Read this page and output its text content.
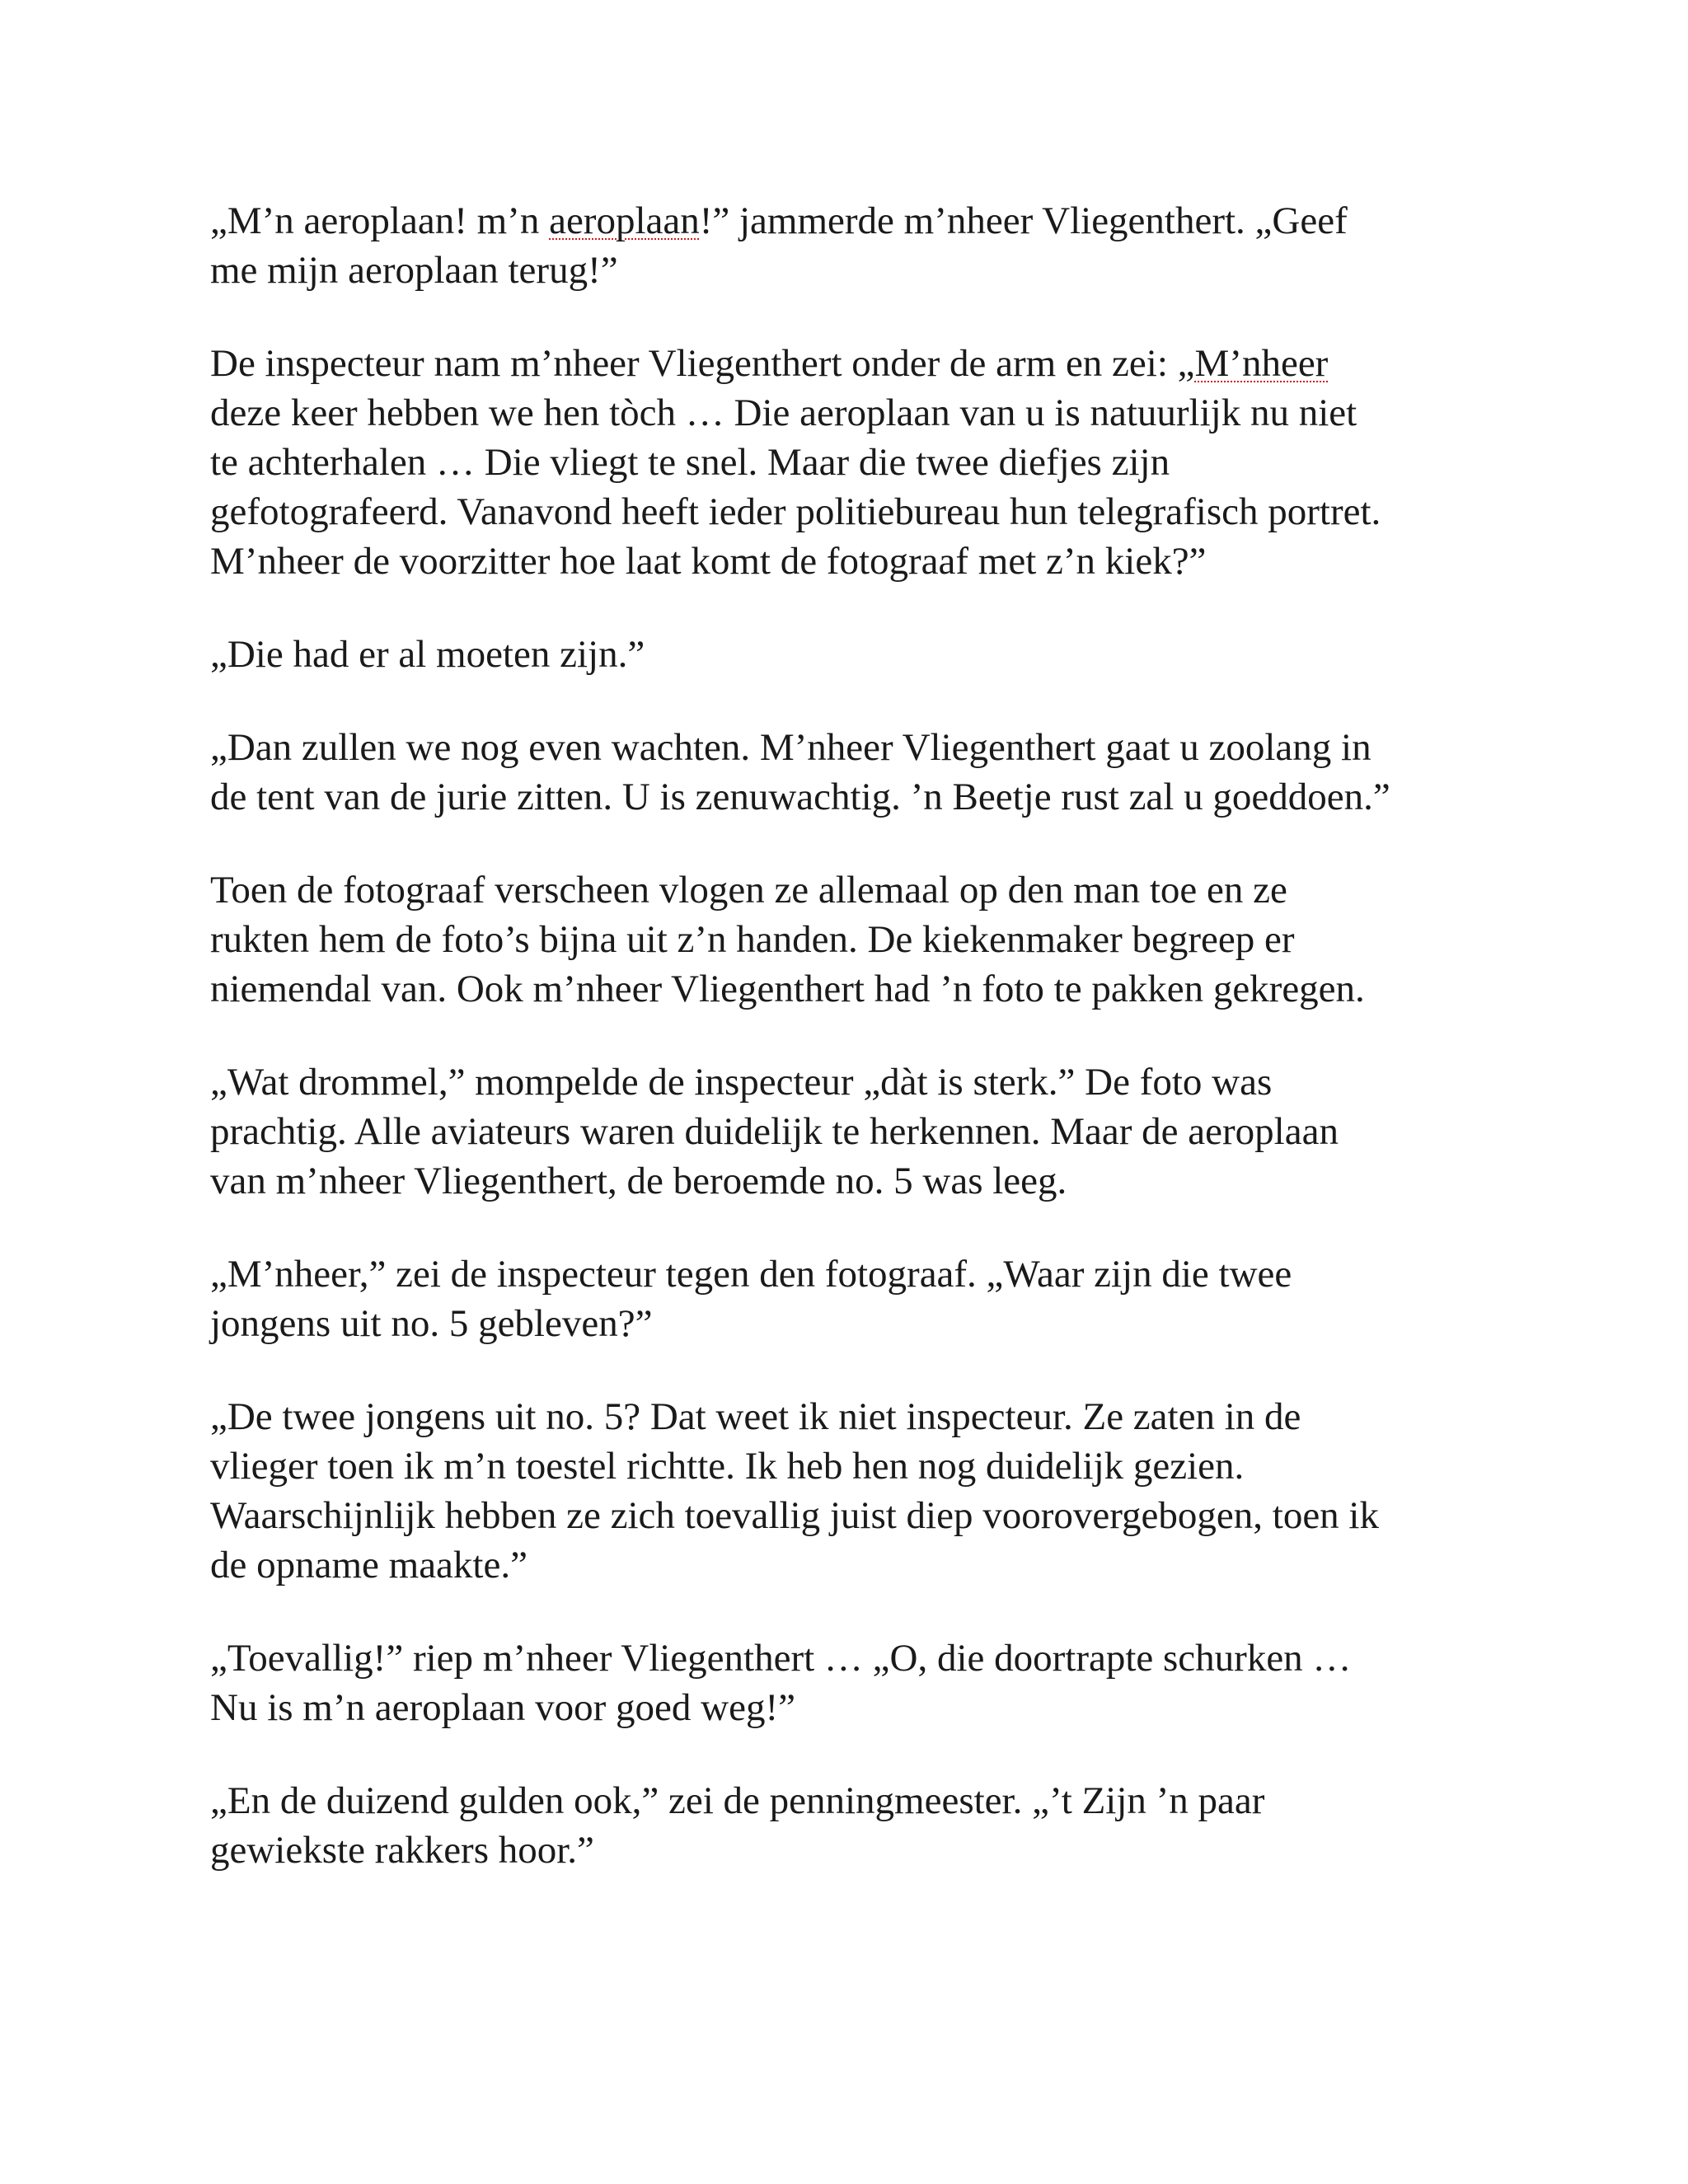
„M’n aeroplaan! m’n aeroplaan!” jammerde m’nheer Vliegenthert. „Geef
me mijn aeroplaan terug!”

De inspecteur nam m’nheer Vliegenthert onder de arm en zei: „M’nheer
deze keer hebben we hen tòch … Die aeroplaan van u is natuurlijk nu niet
te achterhalen … Die vliegt te snel. Maar die twee diefjes zijn
gefotografeerd. Vanavond heeft ieder politiebureau hun telegrafisch portret.
M’nheer de voorzitter hoe laat komt de fotograaf met z’n kiek?”

„Die had er al moeten zijn.”

„Dan zullen we nog even wachten. M’nheer Vliegenthert gaat u zoolang in
de tent van de jurie zitten. U is zenuwachtig. ’n Beetje rust zal u goeddoen.”

Toen de fotograaf verscheen vlogen ze allemaal op den man toe en ze
rukten hem de foto’s bijna uit z’n handen. De kiekenmaker begreep er
niemendal van. Ook m’nheer Vliegenthert had ’n foto te pakken gekregen.

„Wat drommel,” mompelde de inspecteur „dàt is sterk.” De foto was
prachtig. Alle aviateurs waren duidelijk te herkennen. Maar de aeroplaan
van m’nheer Vliegenthert, de beroemde no. 5 was leeg.

„M’nheer,” zei de inspecteur tegen den fotograaf. „Waar zijn die twee
jongens uit no. 5 gebleven?”

„De twee jongens uit no. 5? Dat weet ik niet inspecteur. Ze zaten in de
vlieger toen ik m’n toestel richtte. Ik heb hen nog duidelijk gezien.
Waarschijnlijk hebben ze zich toevallig juist diep voorovergebogen, toen ik
de opname maakte.”

„Toevallig!” riep m’nheer Vliegenthert … „O, die doortrapte schurken …
Nu is m’n aeroplaan voor goed weg!”

„En de duizend gulden ook,” zei de penningmeester. „’t Zijn ’n paar
gewiekste rakkers hoor.”
